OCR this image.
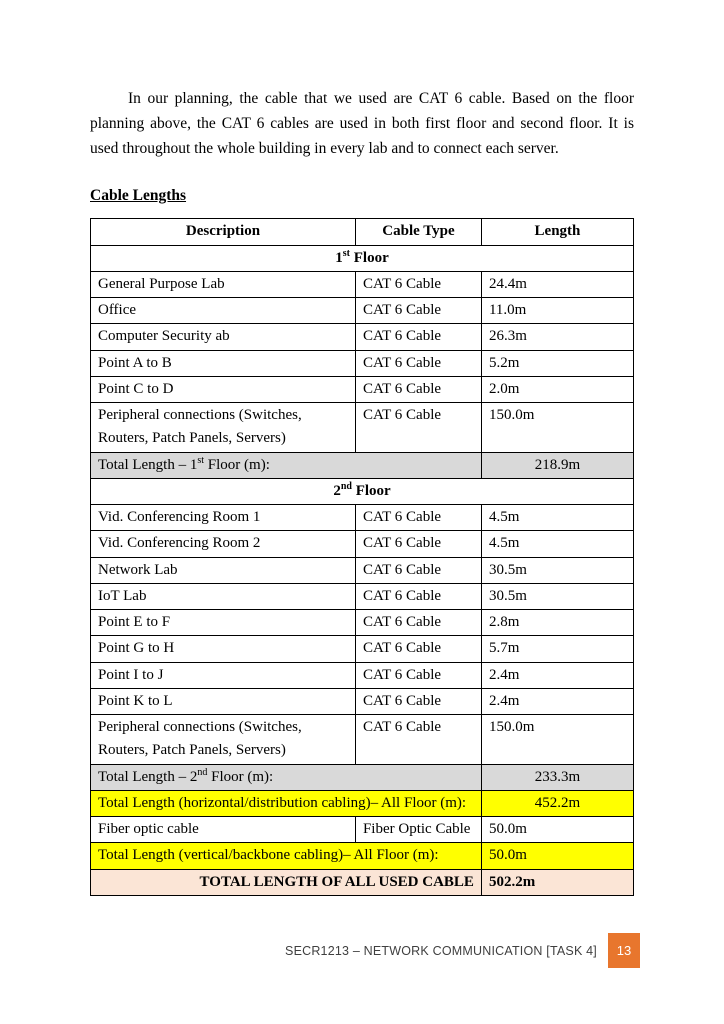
In our planning, the cable that we used are CAT 6 cable. Based on the floor planning above, the CAT 6 cables are used in both first floor and second floor. It is used throughout the whole building in every lab and to connect each server.

Cable Lengths
Description	Cable Type	Length
1st Floor		
General Purpose Lab	CAT 6 Cable	24.4m
Office	CAT 6 Cable	11.0m
Computer Security ab	CAT 6 Cable	26.3m
Point A to B	CAT 6 Cable	5.2m
Point C to D	CAT 6 Cable	2.0m
Peripheral connections (Switches, Routers, Patch Panels, Servers)	CAT 6 Cable	150.0m
Total Length – 1st Floor (m):		218.9m
2nd Floor		
Vid. Conferencing Room 1	CAT 6 Cable	4.5m
Vid. Conferencing Room 2	CAT 6 Cable	4.5m
Network Lab	CAT 6 Cable	30.5m
IoT Lab	CAT 6 Cable	30.5m
Point E to F	CAT 6 Cable	2.8m
Point G to H	CAT 6 Cable	5.7m
Point I to J	CAT 6 Cable	2.4m
Point K to L	CAT 6 Cable	2.4m
Peripheral connections (Switches, Routers, Patch Panels, Servers)	CAT 6 Cable	150.0m
Total Length – 2nd Floor (m):		233.3m
Total Length (horizontal/distribution cabling)– All Floor (m):		452.2m
Fiber optic cable	Fiber Optic Cable	50.0m
Total Length (vertical/backbone cabling)– All Floor (m):		50.0m
TOTAL LENGTH OF ALL USED CABLE		502.2m
SECR1213 – NETWORK COMMUNICATION [TASK 4]	13
